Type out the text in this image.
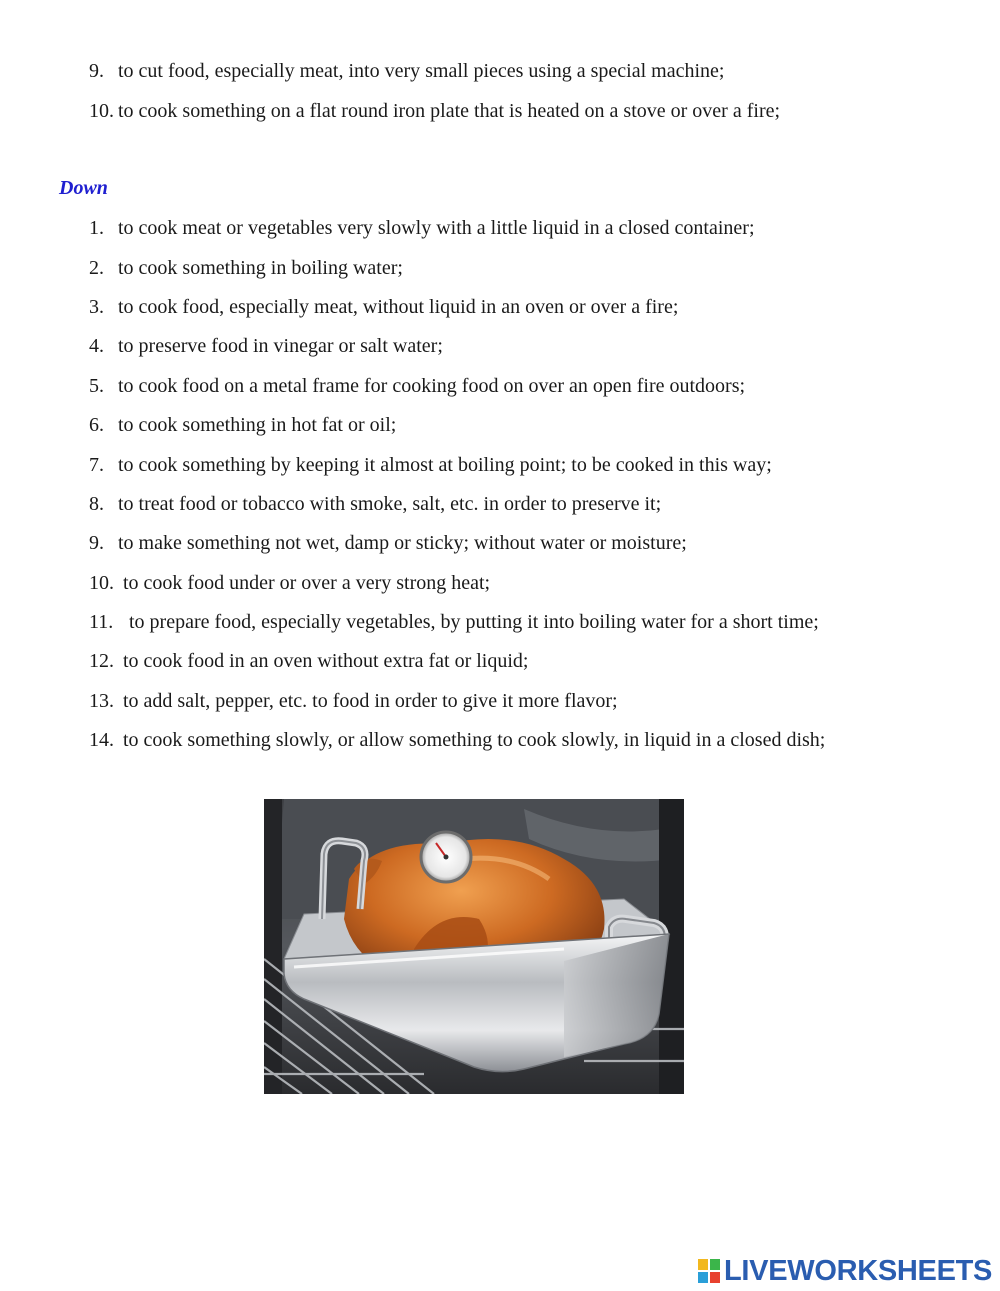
9. to cut food, especially meat, into very small pieces using a special machine;
10. to cook something on a flat round iron plate that is heated on a stove or over a fire;
Down
1. to cook meat or vegetables very slowly with a little liquid in a closed container;
2. to cook something in boiling water;
3. to cook food, especially meat, without liquid in an oven or over a fire;
4. to preserve food in vinegar or salt water;
5. to cook food on a metal frame for cooking food on over an open fire outdoors;
6. to cook something in hot fat or oil;
7. to cook something by keeping it almost at boiling point; to be cooked in this way;
8. to treat food or tobacco with smoke, salt, etc. in order to preserve it;
9. to make something not wet, damp or sticky; without water or moisture;
10. to cook food under or over a very strong heat;
11. to prepare food, especially vegetables, by putting it into boiling water for a short time;
12. to cook food in an oven without extra fat or liquid;
13. to add salt, pepper, etc. to food in order to give it more flavor;
14. to cook something slowly, or allow something to cook slowly, in liquid in a closed dish;
LIVEWORKSHEETS
